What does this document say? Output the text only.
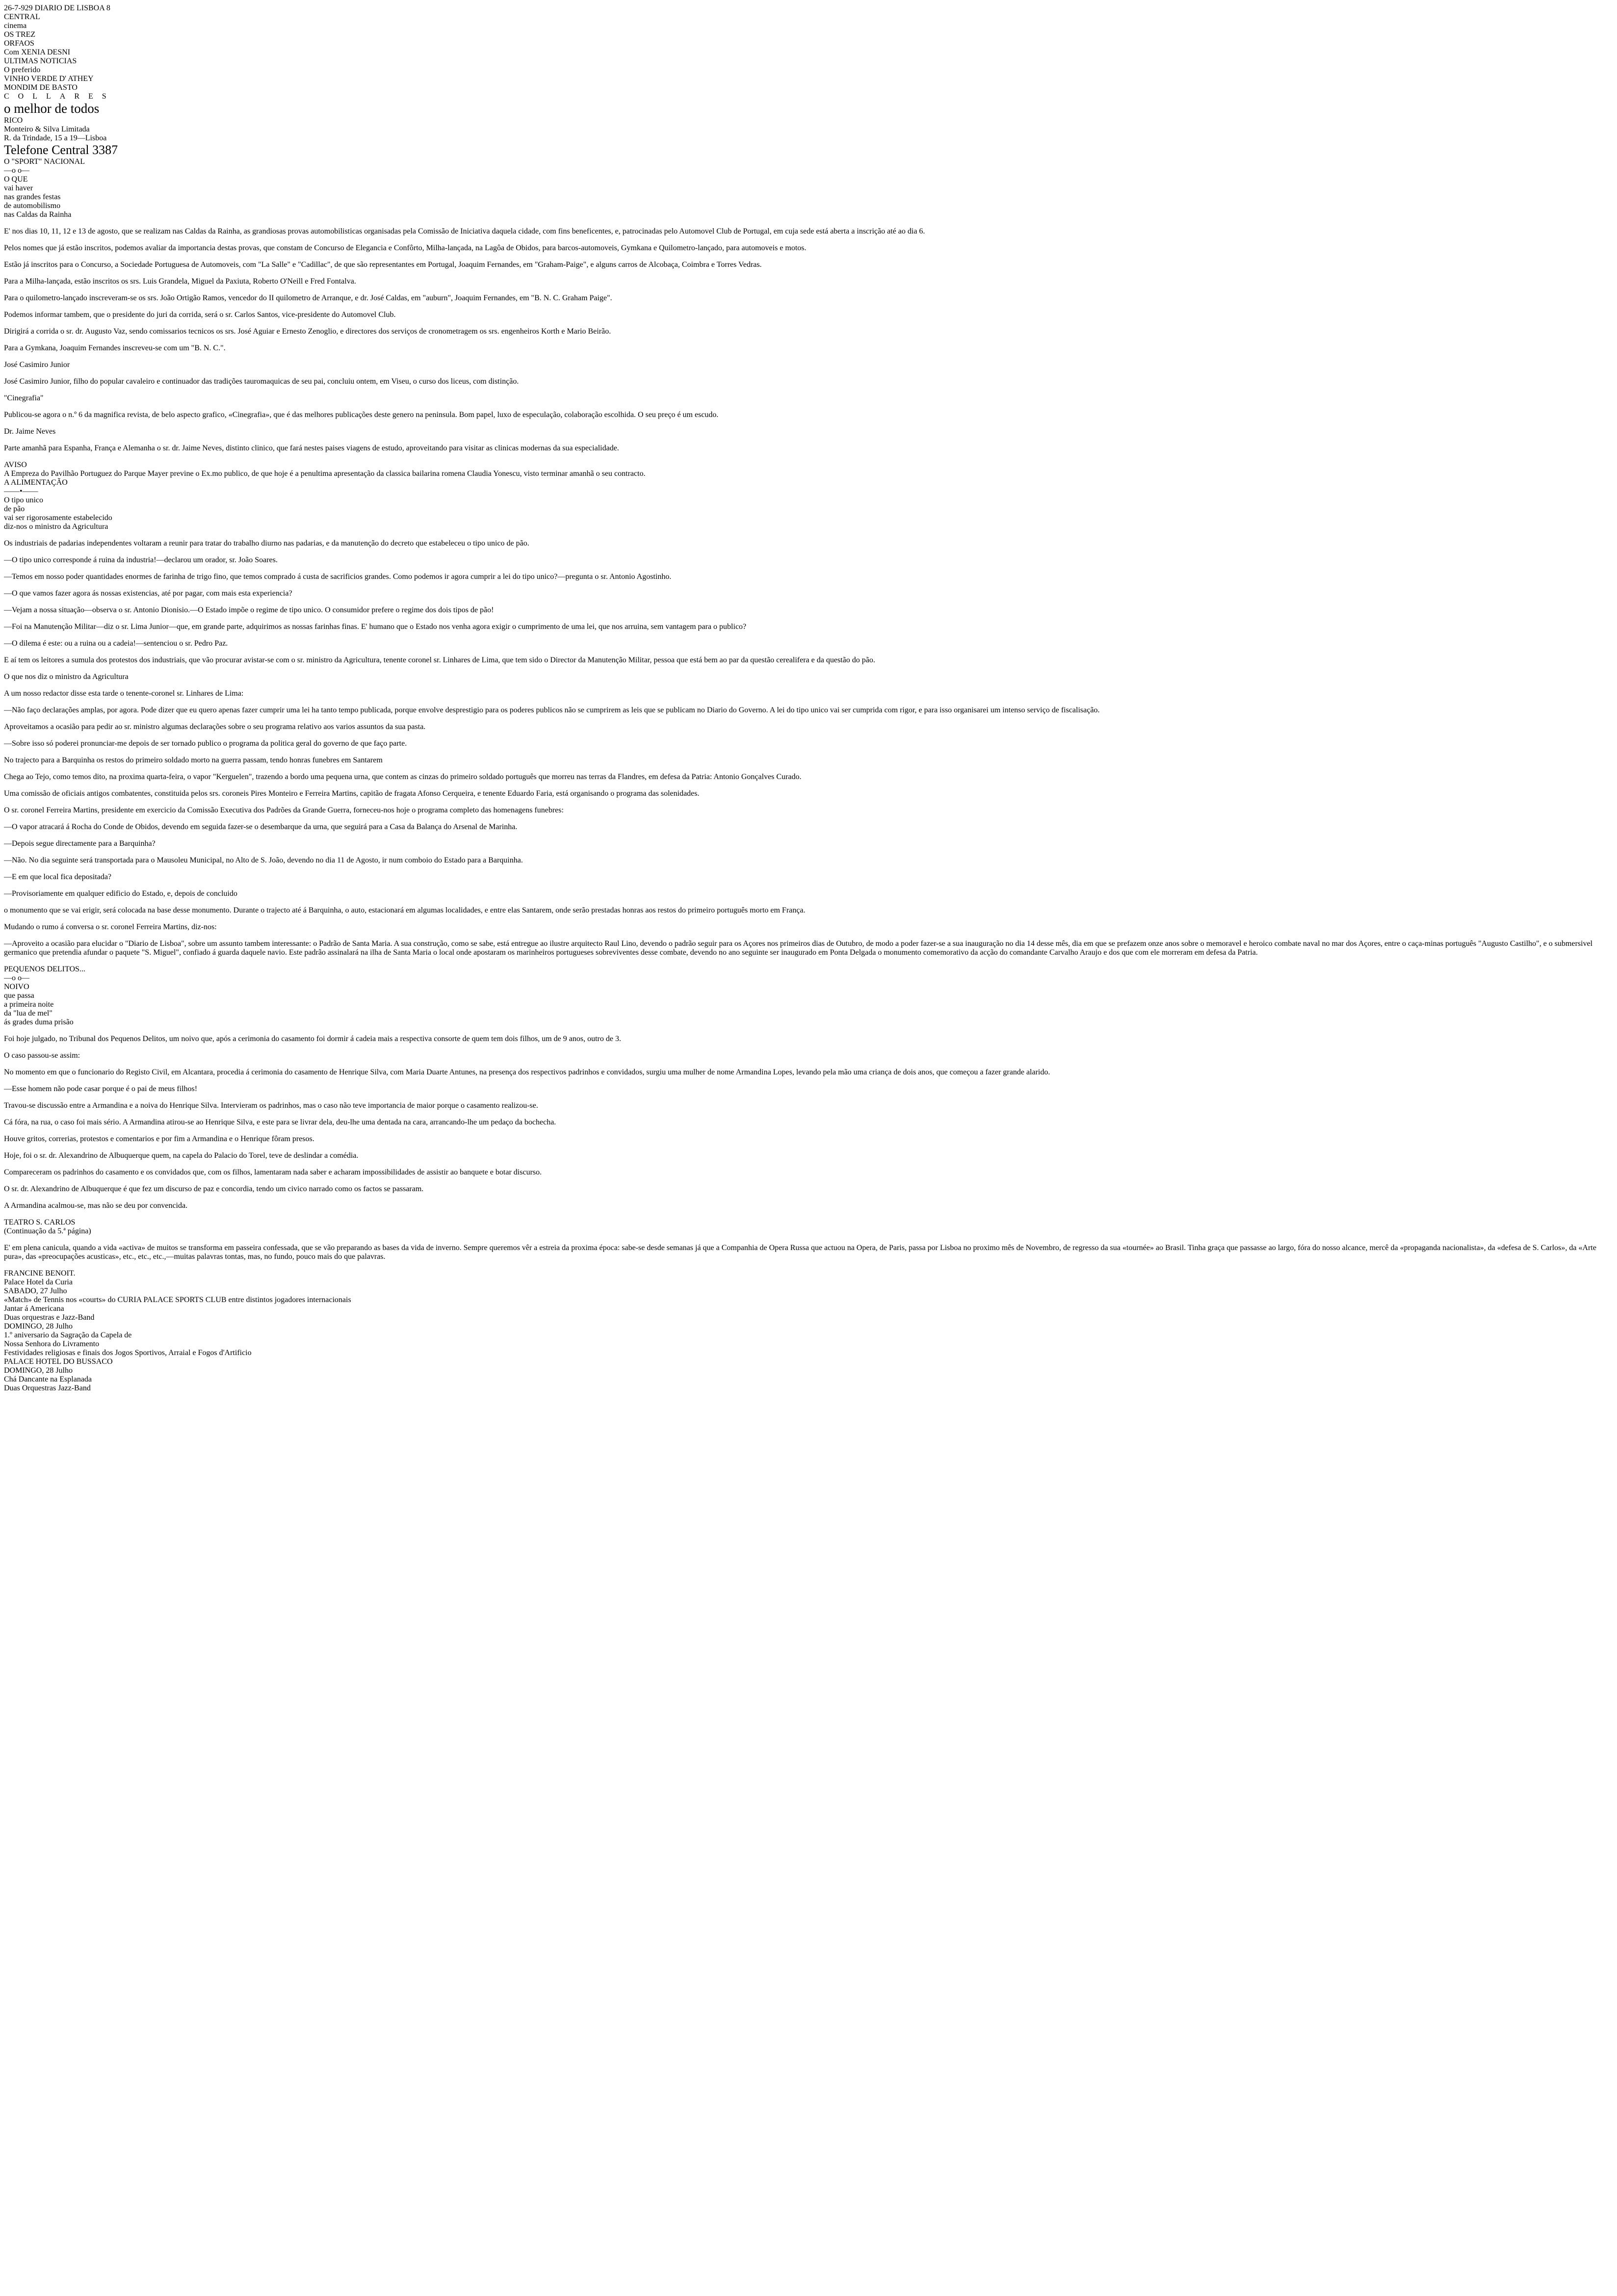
26-7-929 DIARIO DE LISBOA 8
CENTRAL
cinema
OS TREZ
ORFAOS
Com XENIA DESNI
ULTIMAS NOTICIAS
O preferido
VINHO VERDE D' ATHEY
MONDIM DE BASTO
COLLARES
o melhor de todos
RICO
Monteiro & Silva Limitada
R. da Trindade, 15 a 19—Lisboa
Telefone Central 3387
O "SPORT" NACIONAL
—o o—
O QUE
vai haver
nas grandes festas
de automobilismo
nas Caldas da Rainha

E' nos dias 10, 11, 12 e 13 de agosto, que se realizam nas Caldas da Rainha, as grandiosas provas automobilisticas organisadas pela Comissão de Iniciativa daquela cidade, com fins beneficentes, e, patrocinadas pelo Automovel Club de Portugal, em cuja sede está aberta a inscrição até ao dia 6.

Pelos nomes que já estão inscritos, podemos avaliar da importancia destas provas, que constam de Concurso de Elegancia e Confôrto, Milha-lançada, na Lagôa de Obidos, para barcos-automoveis, Gymkana e Quilometro-lançado, para automoveis e motos.

Estão já inscritos para o Concurso, a Sociedade Portuguesa de Automoveis, com "La Salle" e "Cadillac", de que são representantes em Portugal, Joaquim Fernandes, em "Graham-Paige", e alguns carros de Alcobaça, Coimbra e Torres Vedras.

Para a Milha-lançada, estão inscritos os srs. Luis Grandela, Miguel da Paxiuta, Roberto O'Neill e Fred Fontalva.

Para o quilometro-lançado inscreveram-se os srs. João Ortigão Ramos, vencedor do II quilometro de Arranque, e dr. José Caldas, em "auburn", Joaquim Fernandes, em "B. N. C. Graham Paige".

Podemos informar tambem, que o presidente do juri da corrida, será o sr. Carlos Santos, vice-presidente do Automovel Club.

Dirigirá a corrida o sr. dr. Augusto Vaz, sendo comissarios tecnicos os srs. José Aguiar e Ernesto Zenoglio, e directores dos serviços de cronometragem os srs. engenheiros Korth e Mario Beirão.

Para a Gymkana, Joaquim Fernandes inscreveu-se com um "B. N. C.".

José Casimiro Junior

José Casimiro Junior, filho do popular cavaleiro e continuador das tradições tauromaquicas de seu pai, concluiu ontem, em Viseu, o curso dos liceus, com distinção.

"Cinegrafia"

Publicou-se agora o n.º 6 da magnifica revista, de belo aspecto grafico, «Cinegrafia», que é das melhores publicações deste genero na peninsula. Bom papel, luxo de especulação, colaboração escolhida. O seu preço é um escudo.

Dr. Jaime Neves

Parte amanhã para Espanha, França e Alemanha o sr. dr. Jaime Neves, distinto clinico, que fará nestes paises viagens de estudo, aproveitando para visitar as clinicas modernas da sua especialidade.

AVISO
A Empreza do Pavilhão Portuguez do Parque Mayer previne o Ex.mo publico, de que hoje é a penultima apresentação da classica bailarina romena Claudia Yonescu, visto terminar amanhã o seu contracto.
A ALIMENTAÇÃO
——•——
O tipo unico
de pão
vai ser rigorosamente estabelecido
diz-nos o ministro da Agricultura

Os industriais de padarias independentes voltaram a reunir para tratar do trabalho diurno nas padarias, e da manutenção do decreto que estabeleceu o tipo unico de pão.

—O tipo unico corresponde á ruina da industria!—declarou um orador, sr. João Soares.

—Temos em nosso poder quantidades enormes de farinha de trigo fino, que temos comprado á custa de sacrificios grandes. Como podemos ir agora cumprir a lei do tipo unico?—pregunta o sr. Antonio Agostinho.

—O que vamos fazer agora ás nossas existencias, até por pagar, com mais esta experiencia?

—Vejam a nossa situação—observa o sr. Antonio Dionisio.—O Estado impõe o regime de tipo unico. O consumidor prefere o regime dos dois tipos de pão!

—Foi na Manutenção Militar—diz o sr. Lima Junior—que, em grande parte, adquirimos as nossas farinhas finas. E' humano que o Estado nos venha agora exigir o cumprimento de uma lei, que nos arruina, sem vantagem para o publico?

—O dilema é este: ou a ruina ou a cadeia!—sentenciou o sr. Pedro Paz.

E aí tem os leitores a sumula dos protestos dos industriais, que vão procurar avistar-se com o sr. ministro da Agricultura, tenente coronel sr. Linhares de Lima, que tem sido o Director da Manutenção Militar, pessoa que está bem ao par da questão cerealifera e da questão do pão.

O que nos diz o ministro da Agricultura

A um nosso redactor disse esta tarde o tenente-coronel sr. Linhares de Lima:

—Não faço declarações amplas, por agora. Pode dizer que eu quero apenas fazer cumprir uma lei ha tanto tempo publicada, porque envolve desprestigio para os poderes publicos não se cumprirem as leis que se publicam no Diario do Governo. A lei do tipo unico vai ser cumprida com rigor, e para isso organisarei um intenso serviço de fiscalisação.

Aproveitamos a ocasião para pedir ao sr. ministro algumas declarações sobre o seu programa relativo aos varios assuntos da sua pasta.

—Sobre isso só poderei pronunciar-me depois de ser tornado publico o programa da politica geral do governo de que faço parte.

No trajecto para a Barquinha os restos do primeiro soldado morto na guerra passam, tendo honras funebres em Santarem

Chega ao Tejo, como temos dito, na proxima quarta-feira, o vapor "Kerguelen", trazendo a bordo uma pequena urna, que contem as cinzas do primeiro soldado português que morreu nas terras da Flandres, em defesa da Patria: Antonio Gonçalves Curado.

Uma comissão de oficiais antigos combatentes, constituida pelos srs. coroneis Pires Monteiro e Ferreira Martins, capitão de fragata Afonso Cerqueira, e tenente Eduardo Faria, está organisando o programa das solenidades.

O sr. coronel Ferreira Martins, presidente em exercicio da Comissão Executiva dos Padrões da Grande Guerra, forneceu-nos hoje o programa completo das homenagens funebres:

—O vapor atracará á Rocha do Conde de Obidos, devendo em seguida fazer-se o desembarque da urna, que seguirá para a Casa da Balança do Arsenal de Marinha.

—Depois segue directamente para a Barquinha?

—Não. No dia seguinte será transportada para o Mausoleu Municipal, no Alto de S. João, devendo no dia 11 de Agosto, ir num comboio do Estado para a Barquinha.

—E em que local fica depositada?

—Provisoriamente em qualquer edificio do Estado, e, depois de concluido

o monumento que se vai erigir, será colocada na base desse monumento. Durante o trajecto até á Barquinha, o auto, estacionará em algumas localidades, e entre elas Santarem, onde serão prestadas honras aos restos do primeiro português morto em França.

Mudando o rumo á conversa o sr. coronel Ferreira Martins, diz-nos:

—Aproveito a ocasião para elucidar o "Diario de Lisboa", sobre um assunto tambem interessante: o Padrão de Santa Maria. A sua construção, como se sabe, está entregue ao ilustre arquitecto Raul Lino, devendo o padrão seguir para os Açores nos primeiros dias de Outubro, de modo a poder fazer-se a sua inauguração no dia 14 desse mês, dia em que se prefazem onze anos sobre o memoravel e heroico combate naval no mar dos Açores, entre o caça-minas português "Augusto Castilho", e o submersivel germanico que pretendia afundar o paquete "S. Miguel", confiado á guarda daquele navio. Este padrão assinalará na ilha de Santa Maria o local onde apostaram os marinheiros portugueses sobreviventes desse combate, devendo no ano seguinte ser inaugurado em Ponta Delgada o monumento comemorativo da acção do comandante Carvalho Araujo e dos que com ele morreram em defesa da Patria.

PEQUENOS DELITOS...
—o o—
NOIVO
que passa
a primeira noite
da "lua de mel"
ás grades duma prisão

Foi hoje julgado, no Tribunal dos Pequenos Delitos, um noivo que, após a cerimonia do casamento foi dormir á cadeia mais a respectiva consorte de quem tem dois filhos, um de 9 anos, outro de 3.

O caso passou-se assim:

No momento em que o funcionario do Registo Civil, em Alcantara, procedia á cerimonia do casamento de Henrique Silva, com Maria Duarte Antunes, na presença dos respectivos padrinhos e convidados, surgiu uma mulher de nome Armandina Lopes, levando pela mão uma criança de dois anos, que começou a fazer grande alarido.

—Esse homem não pode casar porque é o pai de meus filhos!

Travou-se discussão entre a Armandina e a noiva do Henrique Silva. Intervieram os padrinhos, mas o caso não teve importancia de maior porque o casamento realizou-se.

Cá fóra, na rua, o caso foi mais sério. A Armandina atirou-se ao Henrique Silva, e este para se livrar dela, deu-lhe uma dentada na cara, arrancando-lhe um pedaço da bochecha.

Houve gritos, correrias, protestos e comentarios e por fim a Armandina e o Henrique fôram presos.

Hoje, foi o sr. dr. Alexandrino de Albuquerque quem, na capela do Palacio do Torel, teve de deslindar a comédia.

Compareceram os padrinhos do casamento e os convidados que, com os filhos, lamentaram nada saber e acharam impossibilidades de assistir ao banquete e botar discurso.

O sr. dr. Alexandrino de Albuquerque é que fez um discurso de paz e concordia, tendo um civico narrado como os factos se passaram.

A Armandina acalmou-se, mas não se deu por convencida.

TEATRO S. CARLOS
(Continuação da 5.ª página)

E' em plena canicula, quando a vida «activa» de muitos se transforma em passeira confessada, que se vão preparando as bases da vida de inverno. Sempre queremos vêr a estreia da proxima época: sabe-se desde semanas já que a Companhia de Opera Russa que actuou na Opera, de Paris, passa por Lisboa no proximo mês de Novembro, de regresso da sua «tournée» ao Brasil. Tinha graça que passasse ao largo, fóra do nosso alcance, mercê da «propaganda nacionalista», da «defesa de S. Carlos», da «Arte pura», das «preocupações acusticas», etc., etc., etc.,—muitas palavras tontas, mas, no fundo, pouco mais do que palavras.

FRANCINE BENOIT.
Palace Hotel da Curia
SABADO, 27 Julho
«Match» de Tennis nos «courts» do CURIA PALACE SPORTS CLUB entre distintos jogadores internacionais
Jantar á Americana
Duas orquestras e Jazz-Band
DOMINGO, 28 Julho
1.º aniversario da Sagração da Capela de
Nossa Senhora do Livramento
Festividades religiosas e finais dos Jogos Sportivos, Arraial e Fogos d'Artificio
PALACE HOTEL DO BUSSACO
DOMINGO, 28 Julho
Chá Dancante na Esplanada
Duas Orquestras Jazz-Band
